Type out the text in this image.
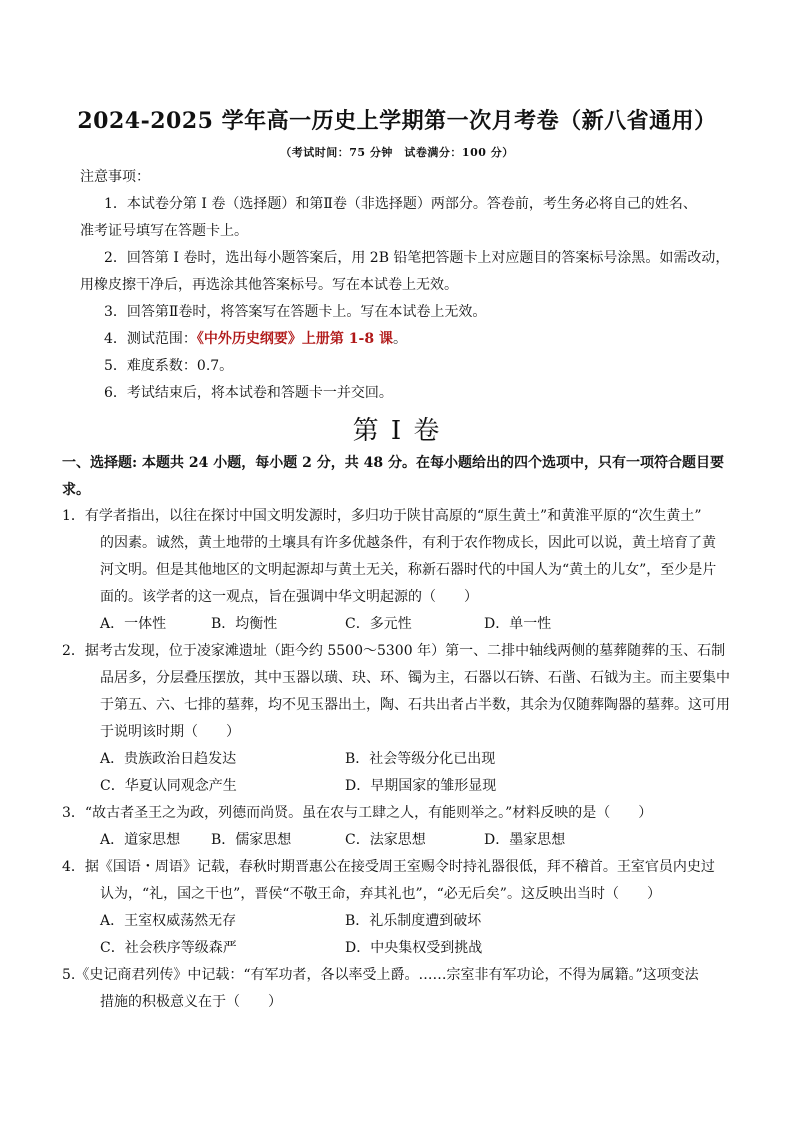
2024-2025 学年高一历史上学期第一次月考卷（新八省通用）
（考试时间：75 分钟　试卷满分：100 分）
注意事项：
1．本试卷分第 I 卷（选择题）和第Ⅱ卷（非选择题）两部分。答卷前，考生务必将自己的姓名、
准考证号填写在答题卡上。
2．回答第 I 卷时，选出每小题答案后，用 2B 铅笔把答题卡上对应题目的答案标号涂黑。如需改动，
用橡皮擦干净后，再选涂其他答案标号。写在本试卷上无效。
3．回答第Ⅱ卷时，将答案写在答题卡上。写在本试卷上无效。
4．测试范围：《中外历史纲要》上册第 1-8 课。
5．难度系数：0.7。
6．考试结束后，将本试卷和答题卡一并交回。
第 I 卷
一、选择题: 本题共 24 小题，每小题 2 分，共 48 分。在每小题给出的四个选项中，只有一项符合题目要
求。
1．有学者指出，以往在探讨中国文明发源时，多归功于陕甘高原的“原生黄土”和黄淮平原的“次生黄土”
的因素。诚然，黄土地带的土壤具有许多优越条件，有利于农作物成长，因此可以说，黄土培育了黄
河文明。但是其他地区的文明起源却与黄土无关，称新石器时代的中国人为“黄土的儿女”，至少是片
面的。该学者的这一观点，旨在强调中华文明起源的（　　）
A．一体性	B．均衡性	C．多元性	D．单一性
2．据考古发现，位于凌家滩遗址（距今约 5500～5300 年）第一、二排中轴线两侧的墓葬随葬的玉、石制
品居多，分层叠压摆放，其中玉器以璜、玦、环、镯为主，石器以石锛、石凿、石钺为主。而主要集中
于第五、六、七排的墓葬，均不见玉器出土，陶、石共出者占半数，其余为仅随葬陶器的墓葬。这可用
于说明该时期（　　）
A．贵族政治日趋发达	B．社会等级分化已出现
C．华夏认同观念产生	D．早期国家的雏形显现
3．“故古者圣王之为政，列德而尚贤。虽在农与工肆之人，有能则举之。”材料反映的是（　　）
A．道家思想 B．儒家思想	C．法家思想	D．墨家思想
4．据《国语・周语》记载，春秋时期晋惠公在接受周王室赐令时持礼器很低，拜不稽首。王室官员内史过
认为，“礼，国之干也”，晋侯“不敬王命，弃其礼也”，“必无后矣”。这反映出当时（　　）
A．王室权威荡然无存	B．礼乐制度遭到破坏
C．社会秩序等级森严	D．中央集权受到挑战
5.《史记商君列传》中记载：“有军功者，各以率受上爵。……宗室非有军功论，不得为属籍。”这项变法
措施的积极意义在于（　　）
